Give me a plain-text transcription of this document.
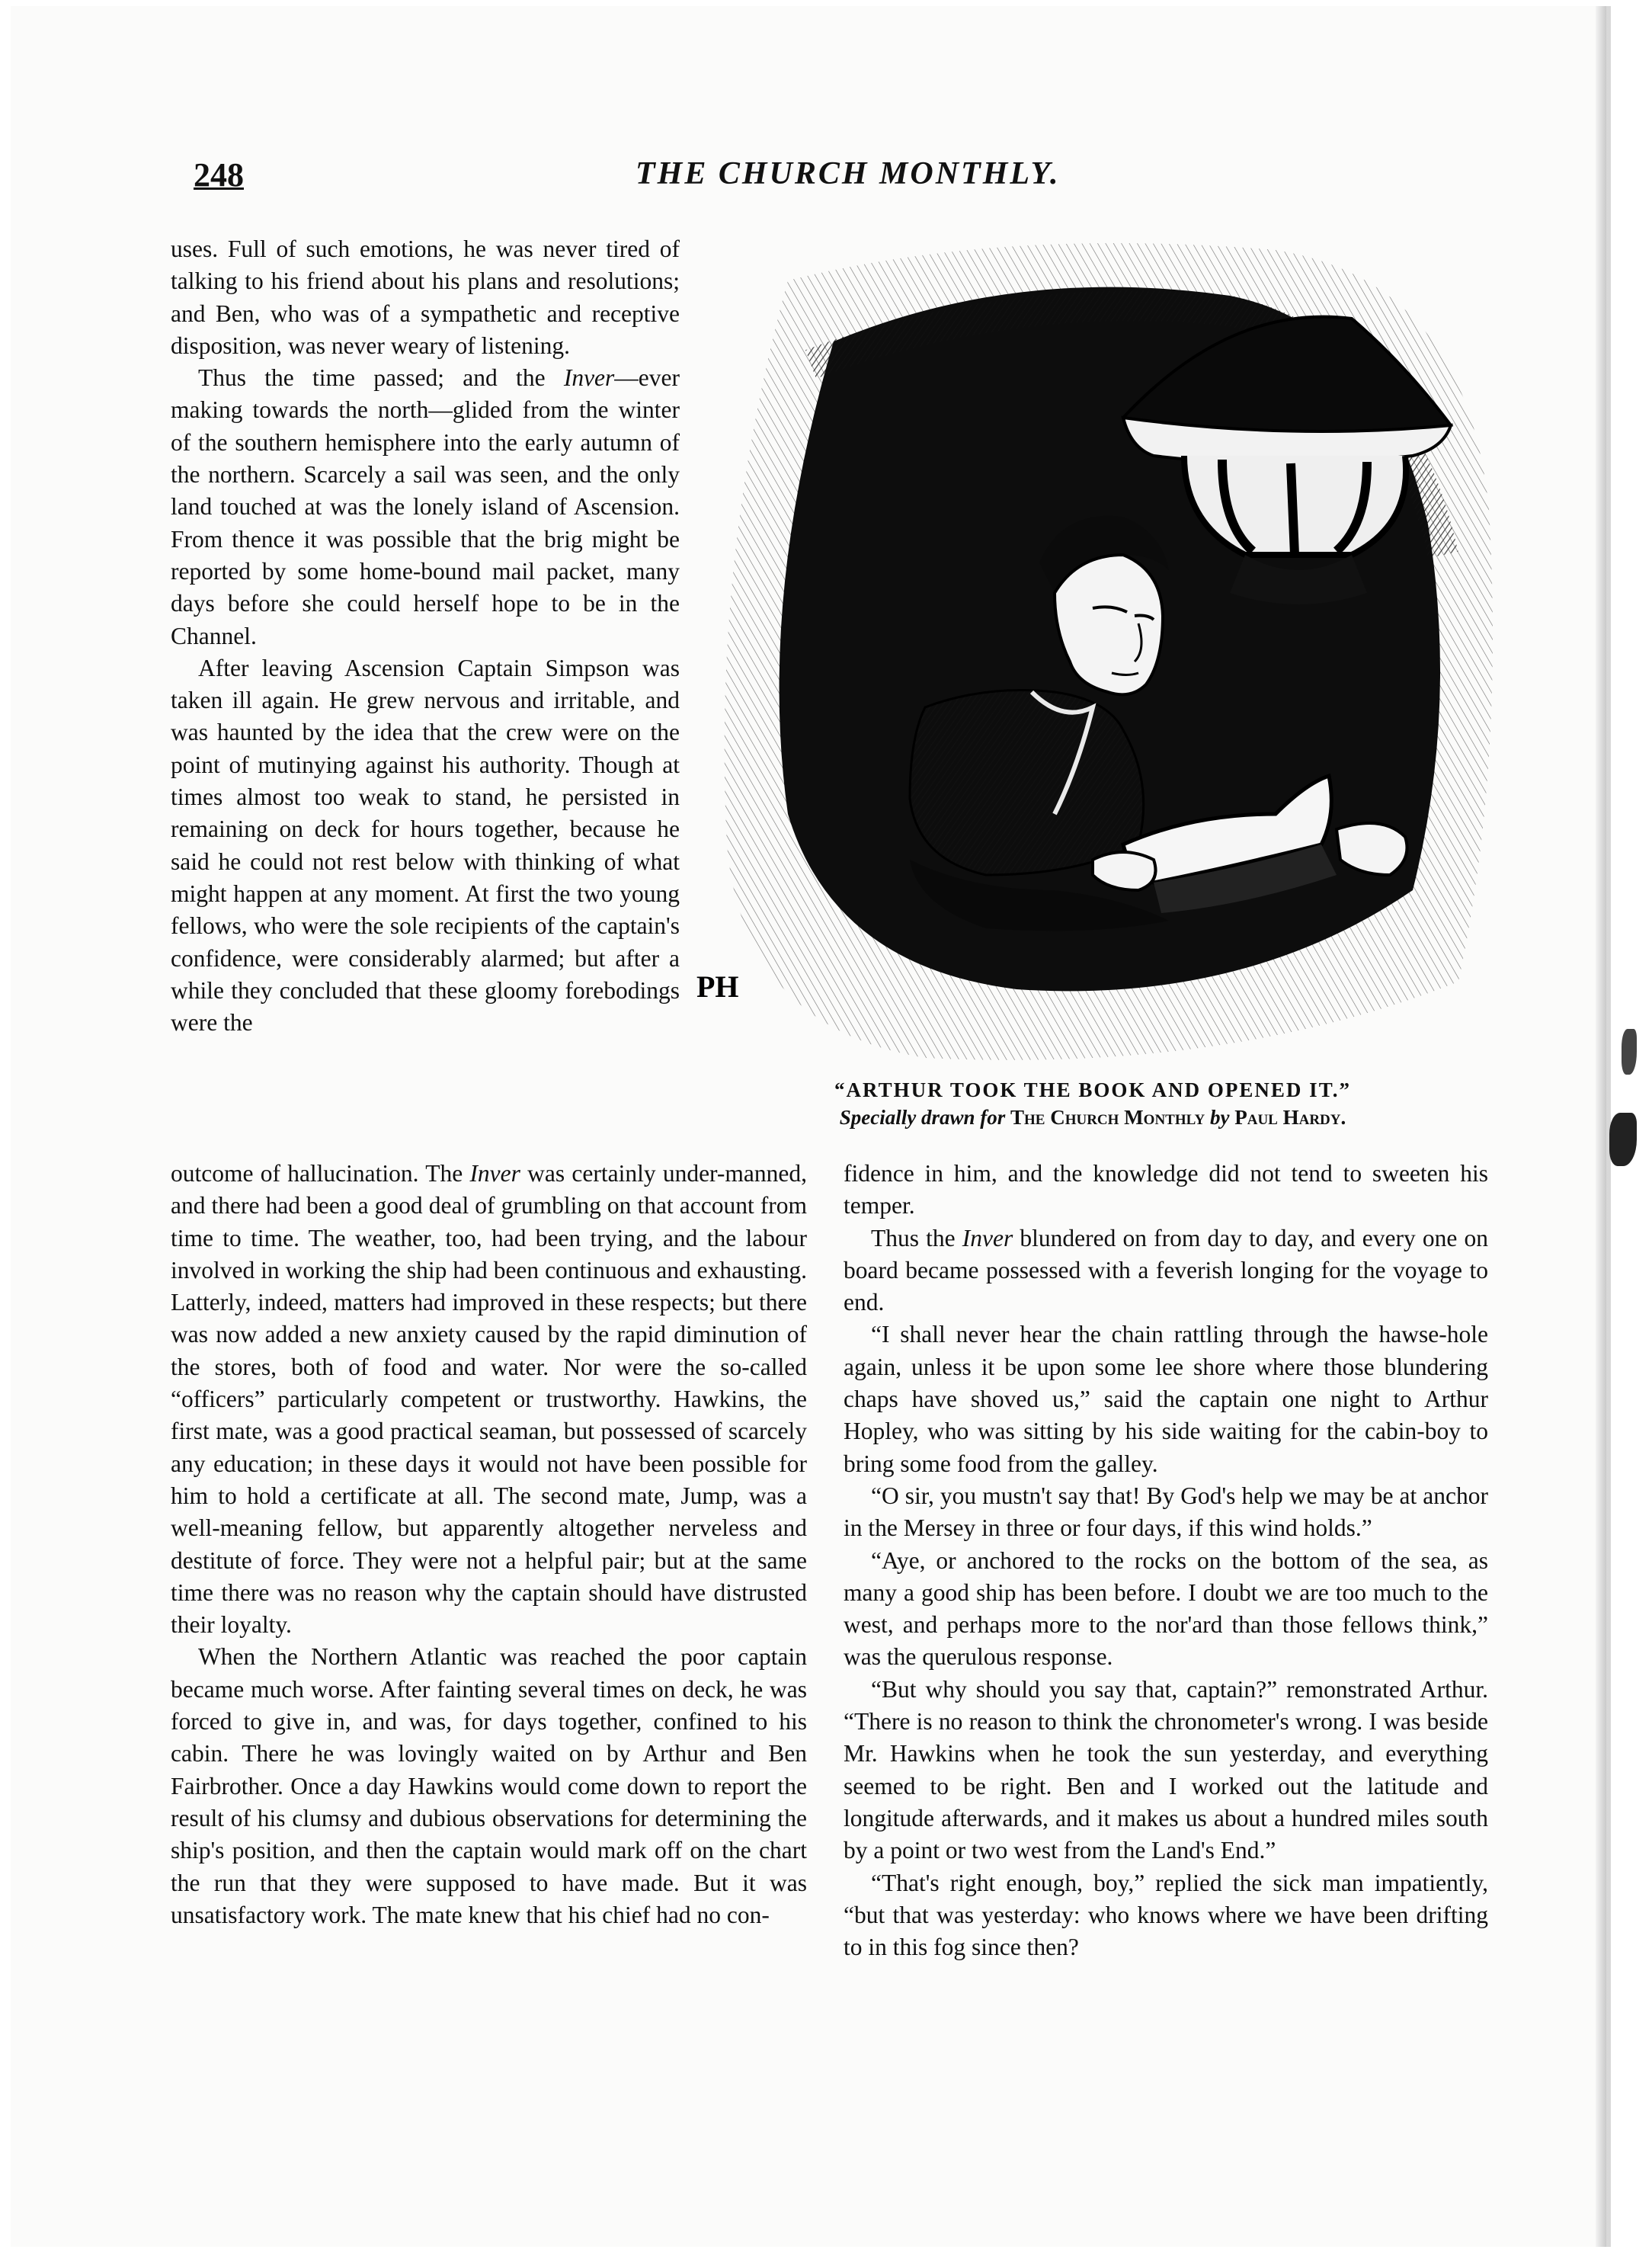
248	THE CHURCH MONTHLY.

uses. Full of such emotions, he was never tired of talking to his friend about his plans and resolutions; and Ben, who was of a sympathetic and receptive disposition, was never weary of listening.

Thus the time passed; and the Inver—ever making towards the north—glided from the winter of the southern hemisphere into the early autumn of the northern. Scarcely a sail was seen, and the only land touched at was the lonely island of Ascension. From thence it was possible that the brig might be reported by some home-bound mail packet, many days before she could herself hope to be in the Channel.

After leaving Ascension Captain Simpson was taken ill again. He grew nervous and irritable, and was haunted by the idea that the crew were on the point of mutinying against his authority. Though at times almost too weak to stand, he persisted in remaining on deck for hours together, because he said he could not rest below with thinking of what might happen at any moment. At first the two young fellows, who were the sole recipients of the captain's confidence, were considerably alarmed; but after a while they concluded that these gloomy forebodings were the

PH
“ARTHUR TOOK THE BOOK AND OPENED IT.”
Specially drawn for The Church Monthly by Paul Hardy.

outcome of hallucination. The Inver was certainly under-manned, and there had been a good deal of grumbling on that account from time to time. The weather, too, had been trying, and the labour involved in working the ship had been continuous and exhausting. Latterly, indeed, matters had improved in these respects; but there was now added a new anxiety caused by the rapid diminution of the stores, both of food and water. Nor were the so-called “officers” particularly competent or trustworthy. Hawkins, the first mate, was a good practical seaman, but possessed of scarcely any education; in these days it would not have been possible for him to hold a certificate at all. The second mate, Jump, was a well-meaning fellow, but apparently altogether nerveless and destitute of force. They were not a helpful pair; but at the same time there was no reason why the captain should have distrusted their loyalty.

When the Northern Atlantic was reached the poor captain became much worse. After fainting several times on deck, he was forced to give in, and was, for days together, confined to his cabin. There he was lovingly waited on by Arthur and Ben Fairbrother. Once a day Hawkins would come down to report the result of his clumsy and dubious observations for determining the ship's position, and then the captain would mark off on the chart the run that they were supposed to have made. But it was unsatisfactory work. The mate knew that his chief had no con-

fidence in him, and the knowledge did not tend to sweeten his temper.

Thus the Inver blundered on from day to day, and every one on board became possessed with a feverish longing for the voyage to end.

“I shall never hear the chain rattling through the hawse-hole again, unless it be upon some lee shore where those blundering chaps have shoved us,” said the captain one night to Arthur Hopley, who was sitting by his side waiting for the cabin-boy to bring some food from the galley.

“O sir, you mustn't say that! By God's help we may be at anchor in the Mersey in three or four days, if this wind holds.”

“Aye, or anchored to the rocks on the bottom of the sea, as many a good ship has been before. I doubt we are too much to the west, and perhaps more to the nor'ard than those fellows think,” was the querulous response.

“But why should you say that, captain?” remonstrated Arthur. “There is no reason to think the chronometer's wrong. I was beside Mr. Hawkins when he took the sun yesterday, and everything seemed to be right. Ben and I worked out the latitude and longitude afterwards, and it makes us about a hundred miles south by a point or two west from the Land's End.”

“That's right enough, boy,” replied the sick man impatiently, “but that was yesterday: who knows where we have been drifting to in this fog since then?
